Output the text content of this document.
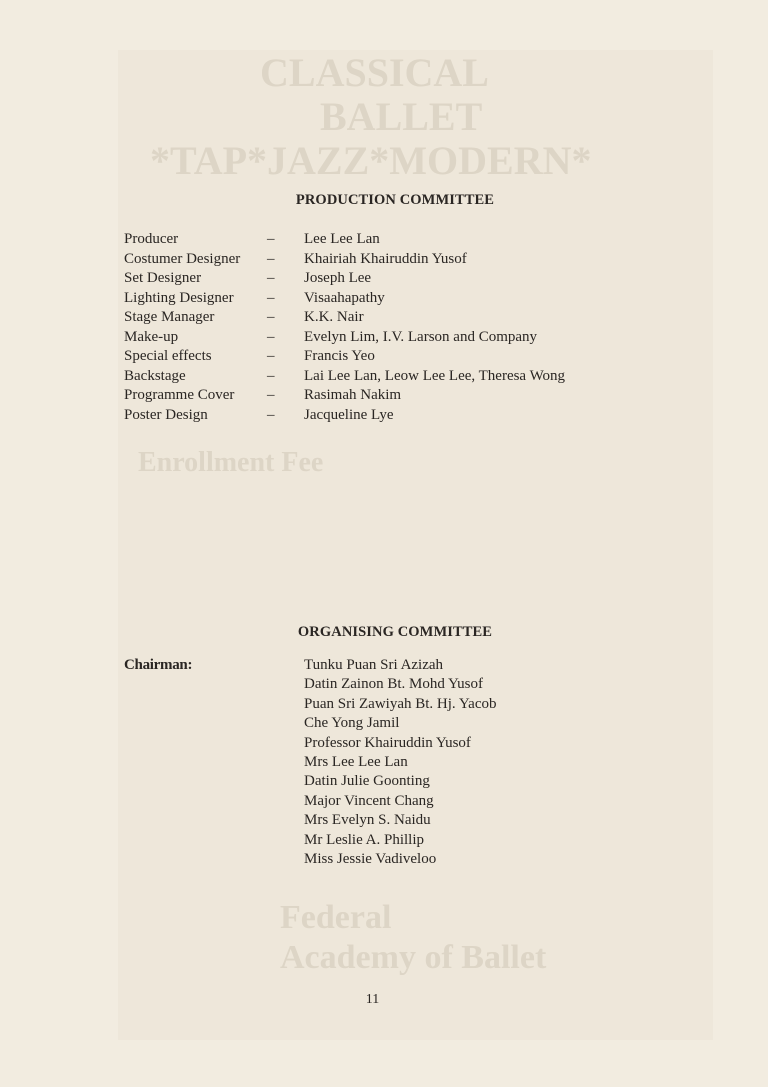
CLASSICAL
BALLET
*TAP*JAZZ*MODERN*
Enrollment Fee
Federal
Academy of Ballet
PRODUCTION COMMITTEE
Producer	– Lee Lee Lan
Costumer Designer – Khairiah Khairuddin Yusof
Set Designer	– Joseph Lee
Lighting Designer – Visaahapathy
Stage Manager	– K.K. Nair
Make-up	– Evelyn Lim, I.V. Larson and Company
Special effects	– Francis Yeo
Backstage	– Lai Lee Lan, Leow Lee Lee, Theresa Wong
Programme Cover – Rasimah Nakim
Poster Design	– Jacqueline Lye
ORGANISING COMMITTEE
Chairman:	Tunku Puan Sri Azizah
Datin Zainon Bt. Mohd Yusof
Puan Sri Zawiyah Bt. Hj. Yacob
Che Yong Jamil
Professor Khairuddin Yusof
Mrs Lee Lee Lan
Datin Julie Goonting
Major Vincent Chang
Mrs Evelyn S. Naidu
Mr Leslie A. Phillip
Miss Jessie Vadiveloo
11
